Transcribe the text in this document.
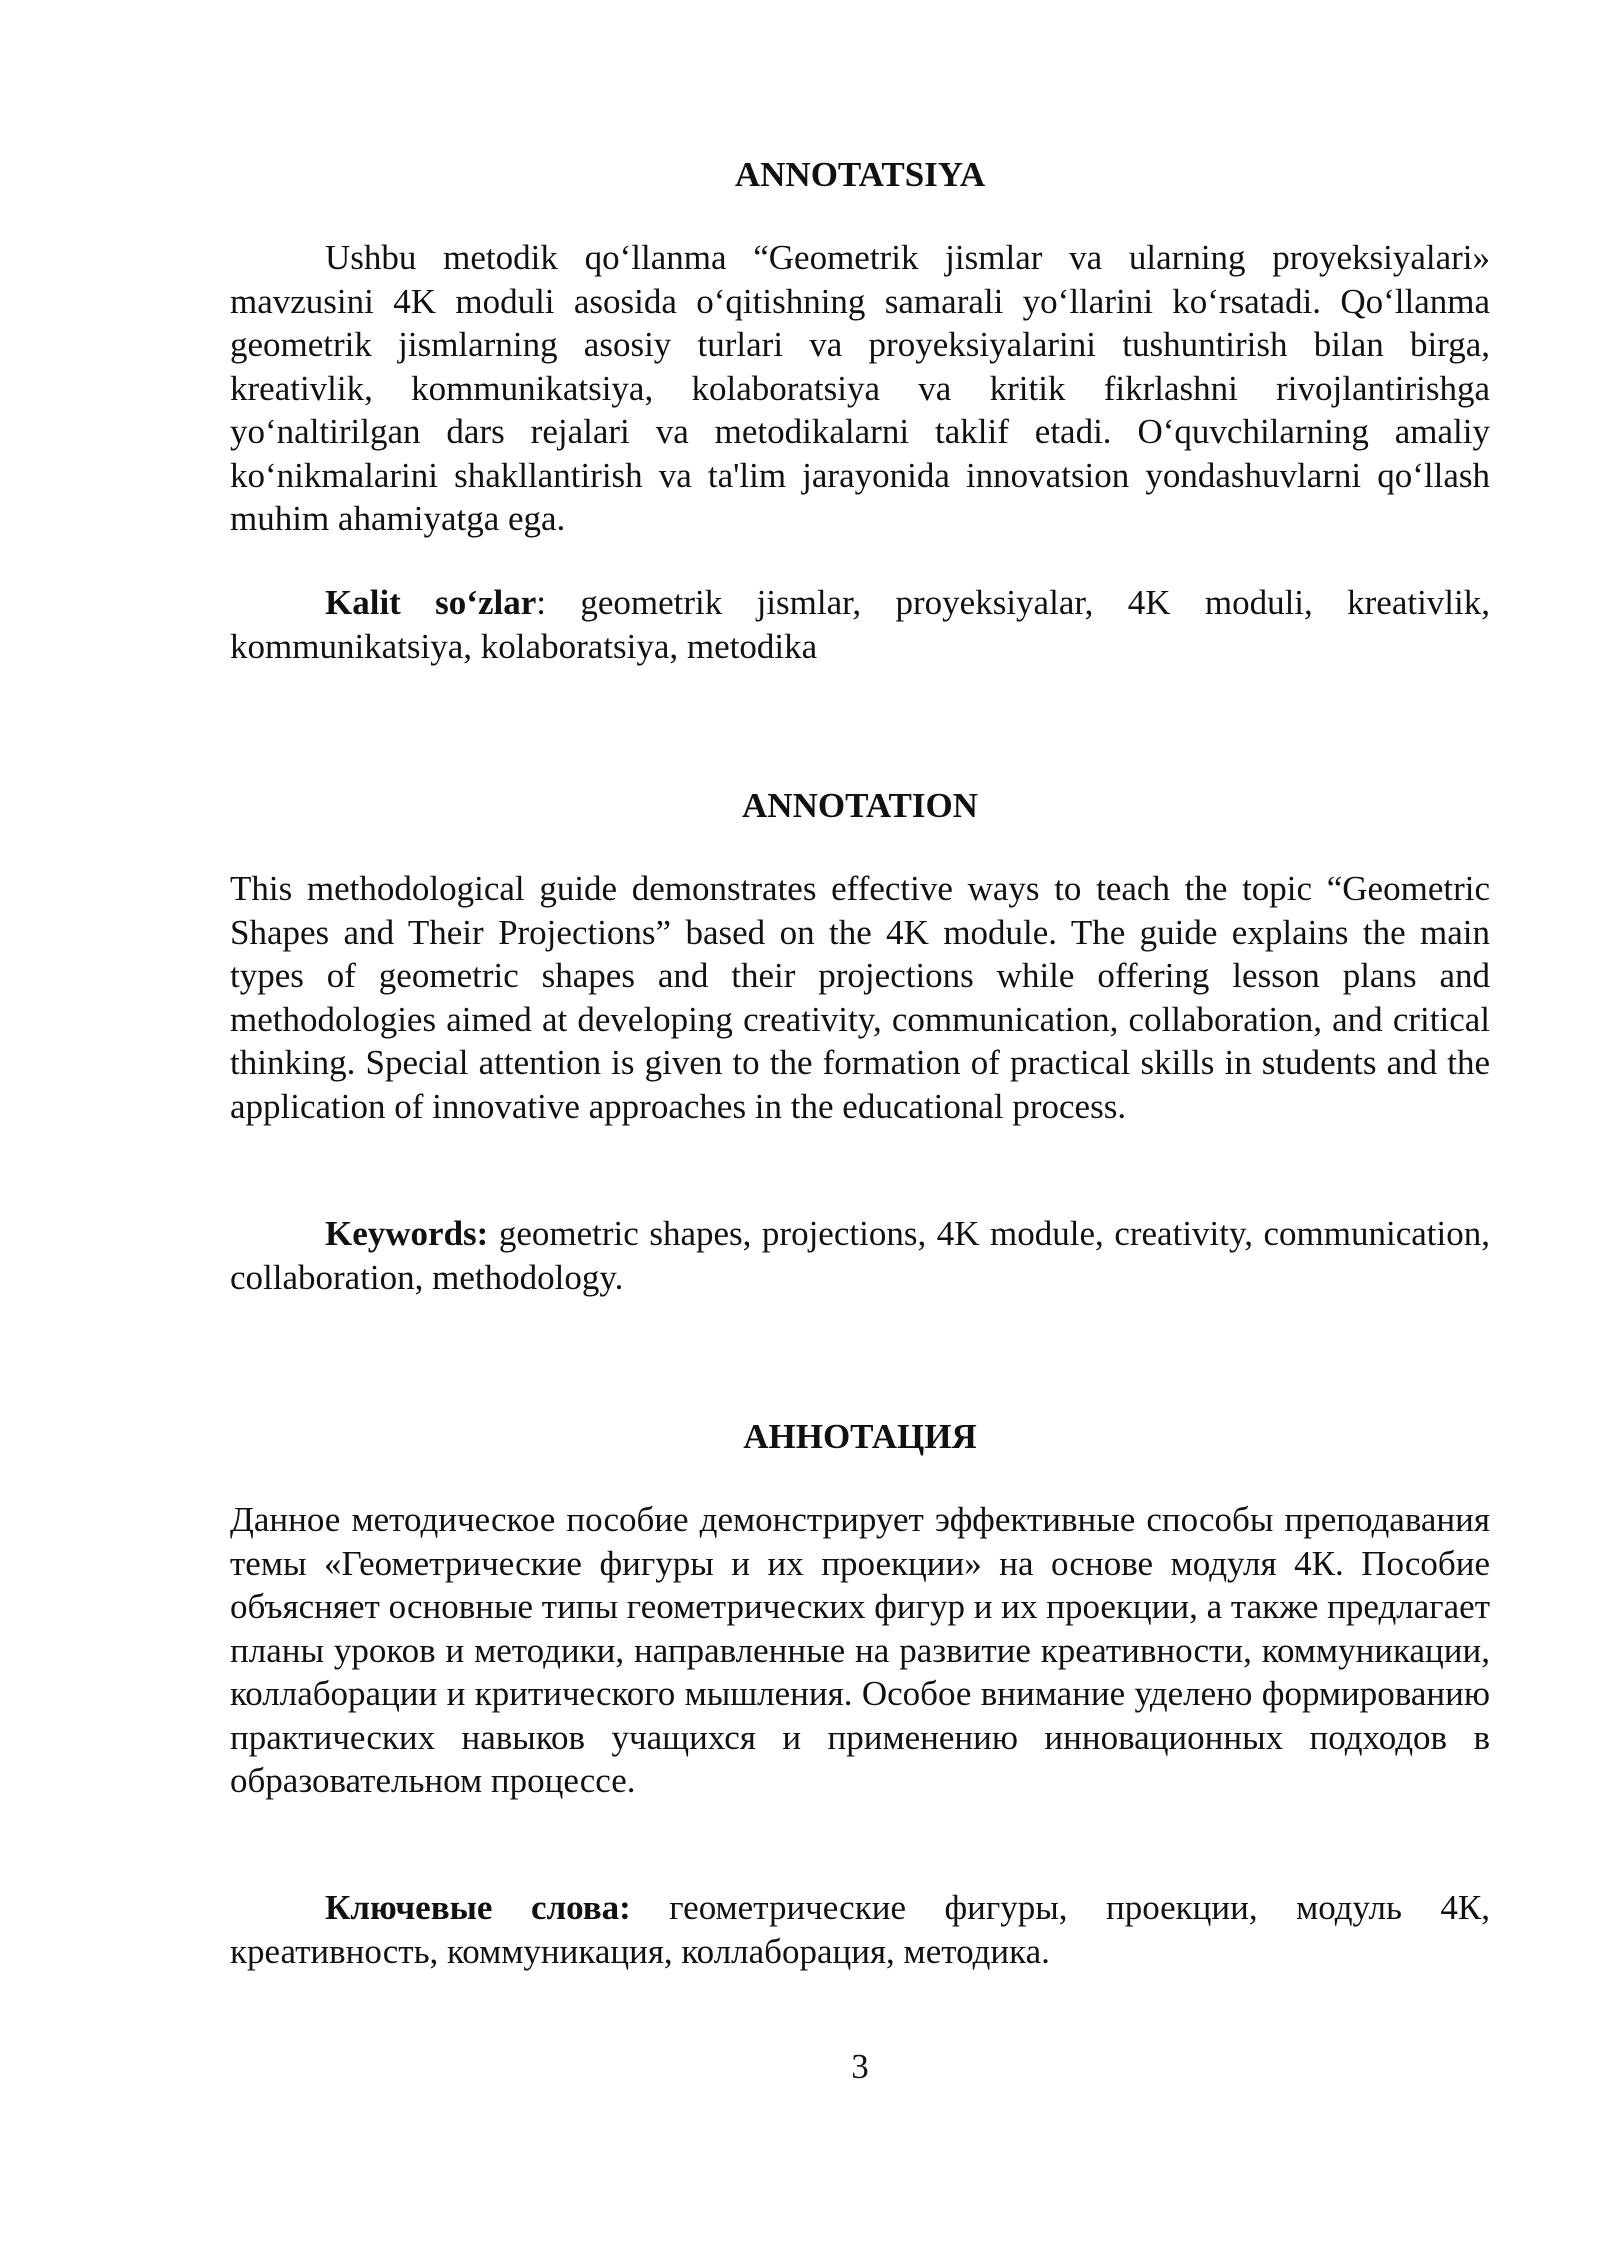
ANNOTATSIYA

Ushbu metodik qo‘llanma “Geometrik jismlar va ularning proyeksiyalari» mavzusini 4K moduli asosida o‘qitishning samarali yo‘llarini ko‘rsatadi. Qo‘llanma geometrik jismlarning asosiy turlari va proyeksiyalarini tushuntirish bilan birga, kreativlik, kommunikatsiya, kolaboratsiya va kritik fikrlashni rivojlantirishga yo‘naltirilgan dars rejalari va metodikalarni taklif etadi. O‘quvchilarning amaliy ko‘nikmalarini shakllantirish va ta'lim jarayonida innovatsion yondashuvlarni qo‘llash muhim ahamiyatga ega.

Kalit so‘zlar: geometrik jismlar, proyeksiyalar, 4K moduli, kreativlik, kommunikatsiya, kolaboratsiya, metodika

ANNOTATION

This methodological guide demonstrates effective ways to teach the topic “Geometric Shapes and Their Projections” based on the 4K module. The guide explains the main types of geometric shapes and their projections while offering lesson plans and methodologies aimed at developing creativity, communication, collaboration, and critical thinking. Special attention is given to the formation of practical skills in students and the application of innovative approaches in the educational process.

Keywords: geometric shapes, projections, 4K module, creativity, communication, collaboration, methodology.

АННОТАЦИЯ

Данное методическое пособие демонстрирует эффективные способы преподавания темы «Геометрические фигуры и их проекции» на основе модуля 4К. Пособие объясняет основные типы геометрических фигур и их проекции, а также предлагает планы уроков и методики, направленные на развитие креативности, коммуникации, коллаборации и критического мышления. Особое внимание уделено формированию практических навыков учащихся и применению инновационных подходов в образовательном процессе.

Ключевые слова: геометрические фигуры, проекции, модуль 4К, креативность, коммуникация, коллаборация, методика.

3
